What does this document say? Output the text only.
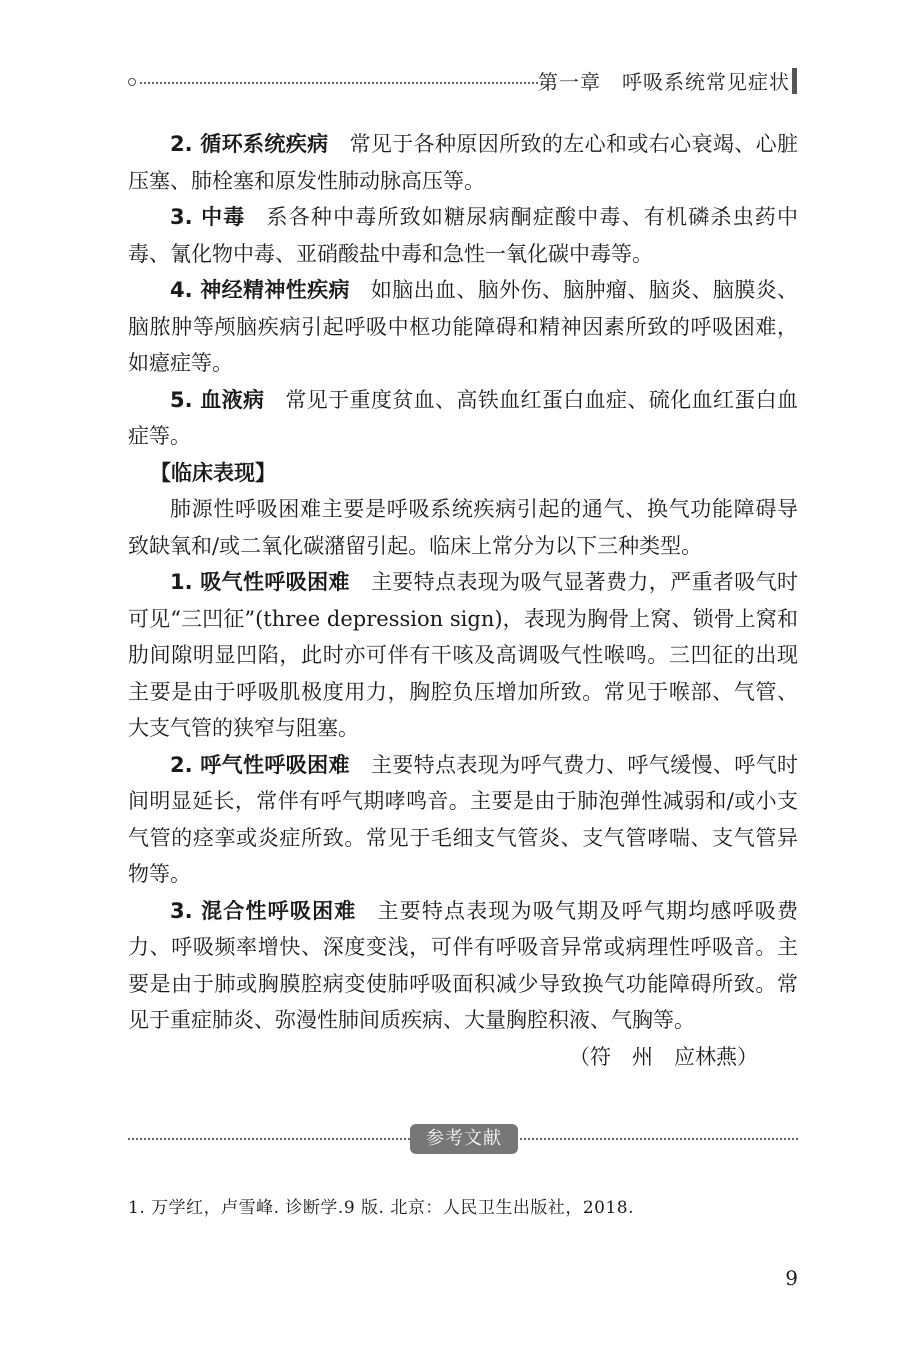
第一章　呼吸系统常见症状

2. 循环系统疾病 常见于各种原因所致的左心和或右心衰竭、心脏压塞、肺栓塞和原发性肺动脉高压等。

3. 中毒 系各种中毒所致如糖尿病酮症酸中毒、有机磷杀虫药中毒、氰化物中毒、亚硝酸盐中毒和急性一氧化碳中毒等。

4. 神经精神性疾病 如脑出血、脑外伤、脑肿瘤、脑炎、脑膜炎、脑脓肿等颅脑疾病引起呼吸中枢功能障碍和精神因素所致的呼吸困难，如癔症等。

5. 血液病 常见于重度贫血、高铁血红蛋白血症、硫化血红蛋白血症等。

【临床表现】

肺源性呼吸困难主要是呼吸系统疾病引起的通气、换气功能障碍导致缺氧和/或二氧化碳潴留引起。临床上常分为以下三种类型。

1. 吸气性呼吸困难 主要特点表现为吸气显著费力，严重者吸气时可见“三凹征”(three depression sign)，表现为胸骨上窝、锁骨上窝和肋间隙明显凹陷，此时亦可伴有干咳及高调吸气性喉鸣。三凹征的出现主要是由于呼吸肌极度用力，胸腔负压增加所致。常见于喉部、气管、大支气管的狭窄与阻塞。

2. 呼气性呼吸困难 主要特点表现为呼气费力、呼气缓慢、呼气时间明显延长，常伴有呼气期哮鸣音。主要是由于肺泡弹性减弱和/或小支气管的痉挛或炎症所致。常见于毛细支气管炎、支气管哮喘、支气管异物等。

3. 混合性呼吸困难 主要特点表现为吸气期及呼气期均感呼吸费力、呼吸频率增快、深度变浅，可伴有呼吸音异常或病理性呼吸音。主要是由于肺或胸膜腔病变使肺呼吸面积减少导致换气功能障碍所致。常见于重症肺炎、弥漫性肺间质疾病、大量胸腔积液、气胸等。

（符　州　应林燕）

参考文献
1. 万学红，卢雪峰. 诊断学.9 版. 北京：人民卫生出版社，2018.
9
